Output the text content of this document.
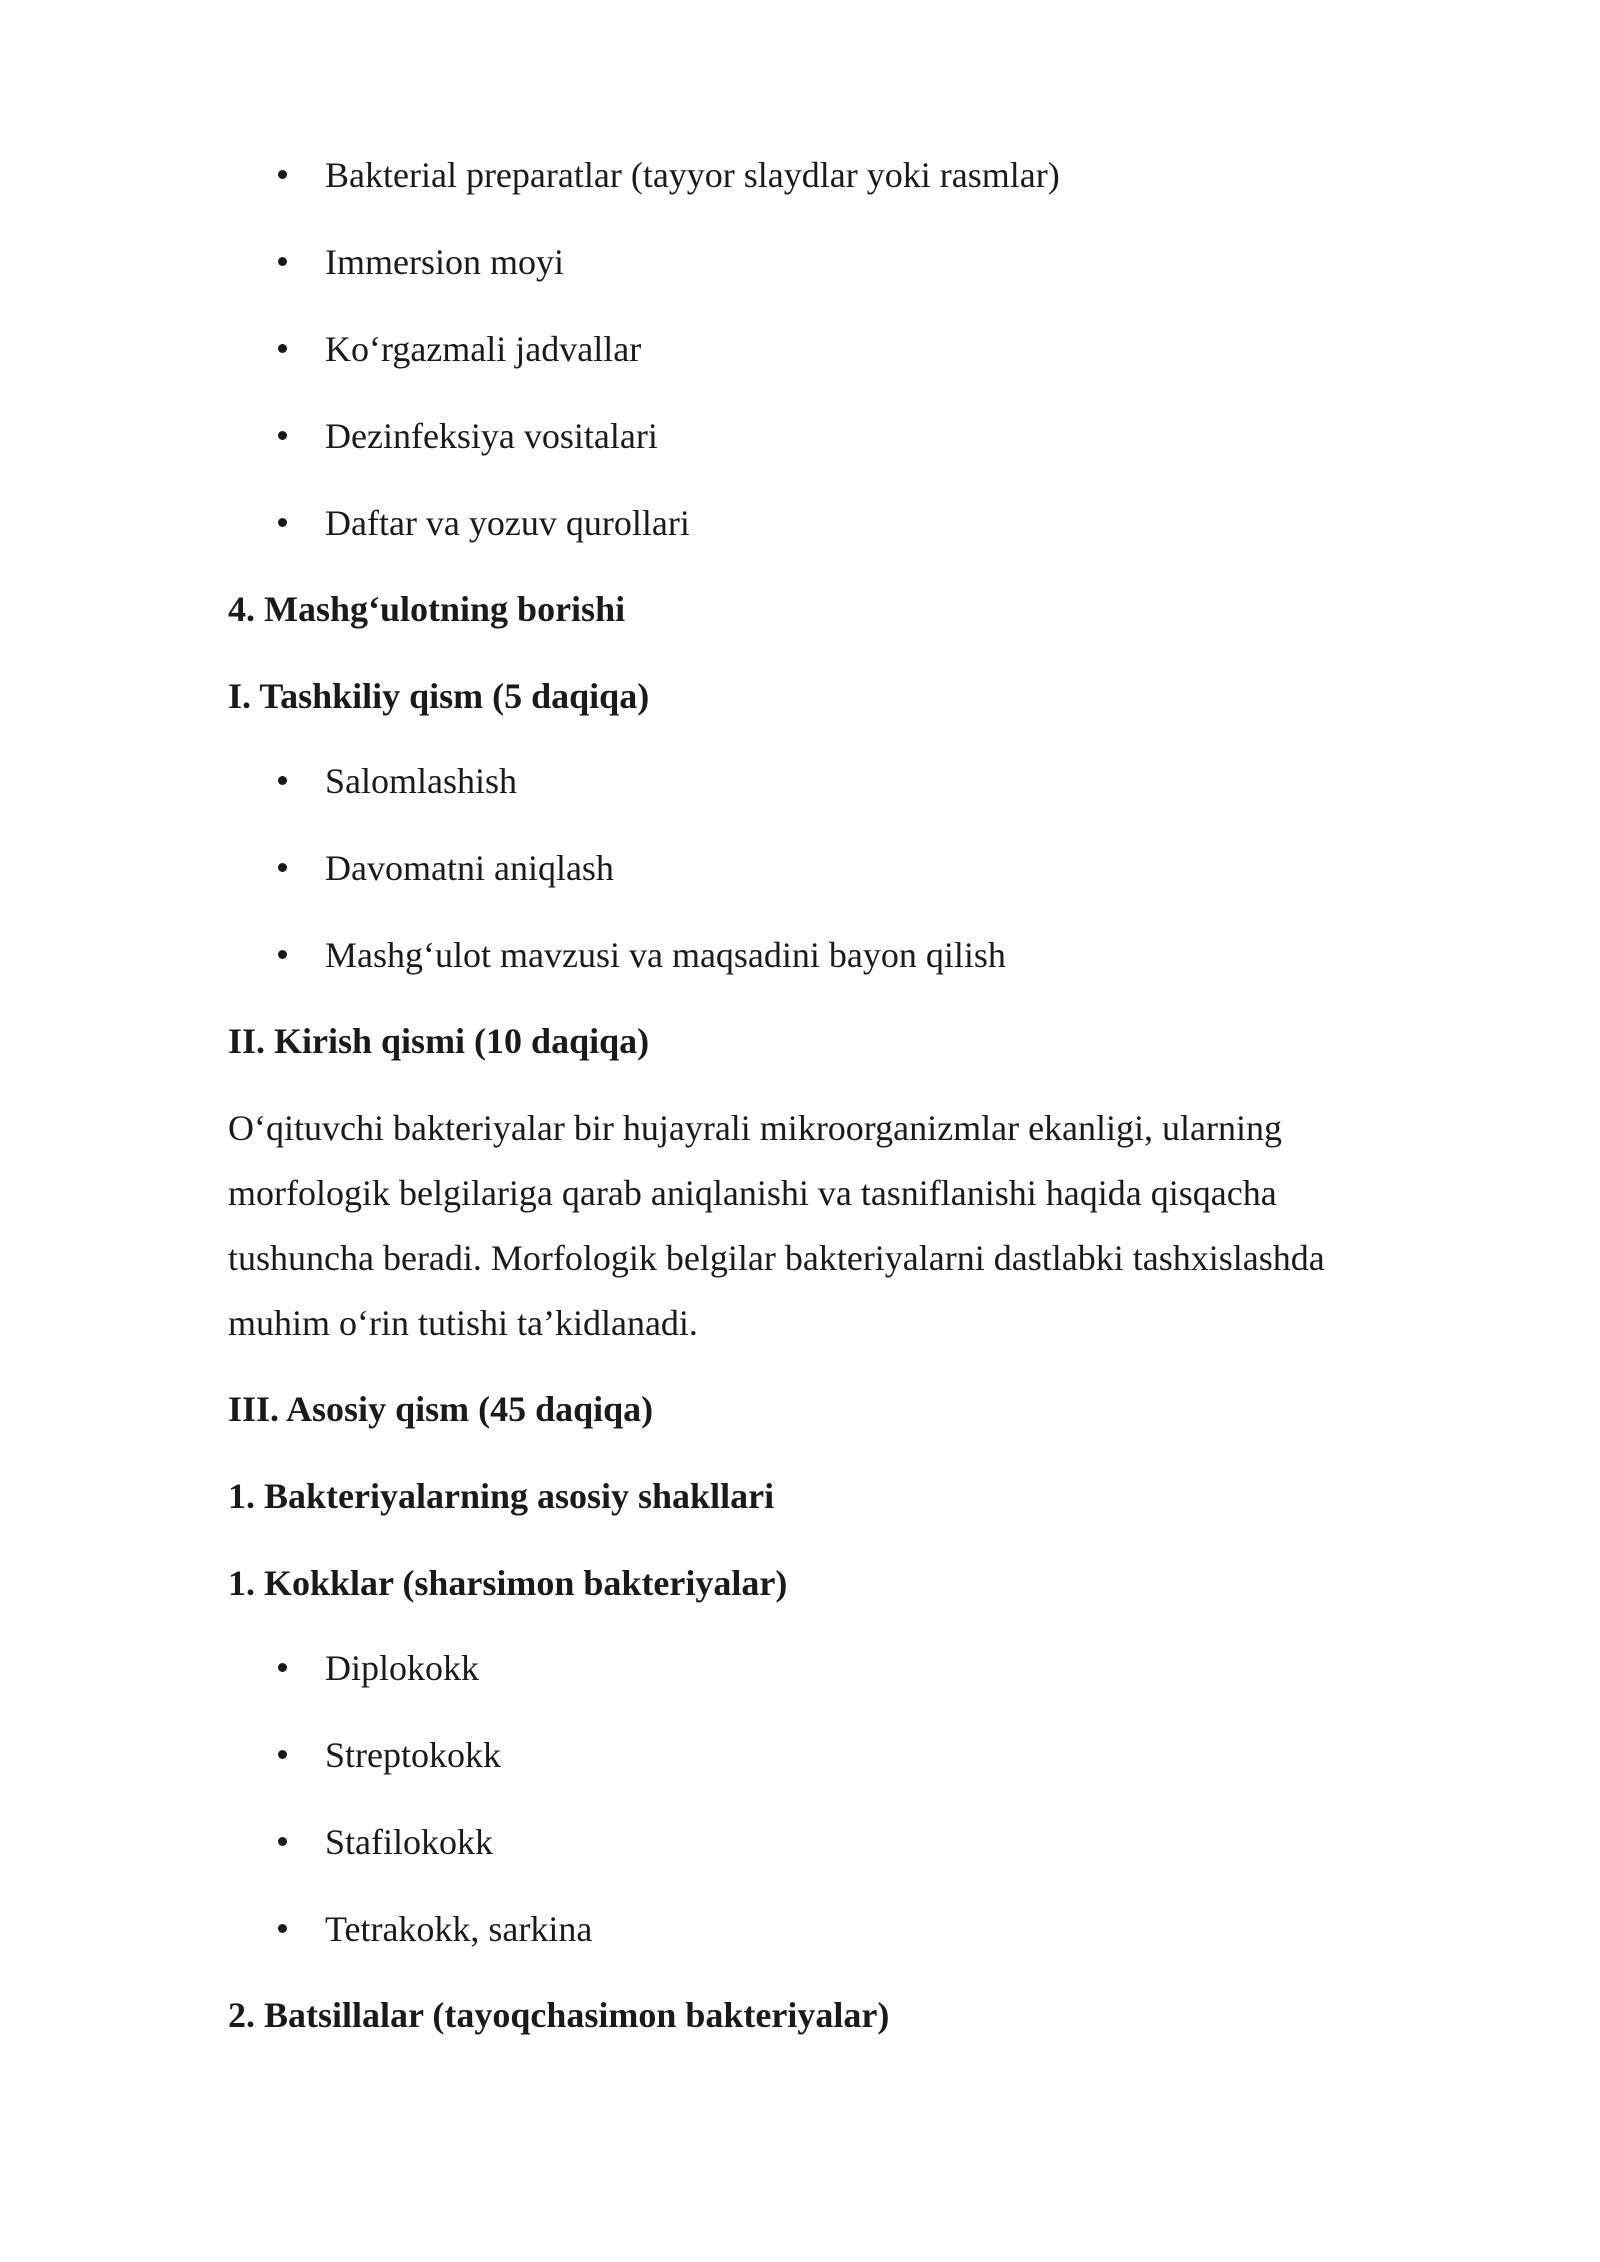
Bakterial preparatlar (tayyor slaydlar yoki rasmlar)
Immersion moyi
Ko‘rgazmali jadvallar
Dezinfeksiya vositalari
Daftar va yozuv qurollari
4. Mashg‘ulotning borishi
I. Tashkiliy qism (5 daqiqa)
Salomlashish
Davomatni aniqlash
Mashg‘ulot mavzusi va maqsadini bayon qilish
II. Kirish qismi (10 daqiqa)
O‘qituvchi bakteriyalar bir hujayrali mikroorganizmlar ekanligi, ularning
morfologik belgilariga qarab aniqlanishi va tasniflanishi haqida qisqacha
tushuncha beradi. Morfologik belgilar bakteriyalarni dastlabki tashxislashda
muhim o‘rin tutishi ta’kidlanadi.
III. Asosiy qism (45 daqiqa)
1. Bakteriyalarning asosiy shakllari
1. Kokklar (sharsimon bakteriyalar)
Diplokokk
Streptokokk
Stafilokokk
Tetrakokk, sarkina
2. Batsillalar (tayoqchasimon bakteriyalar)
